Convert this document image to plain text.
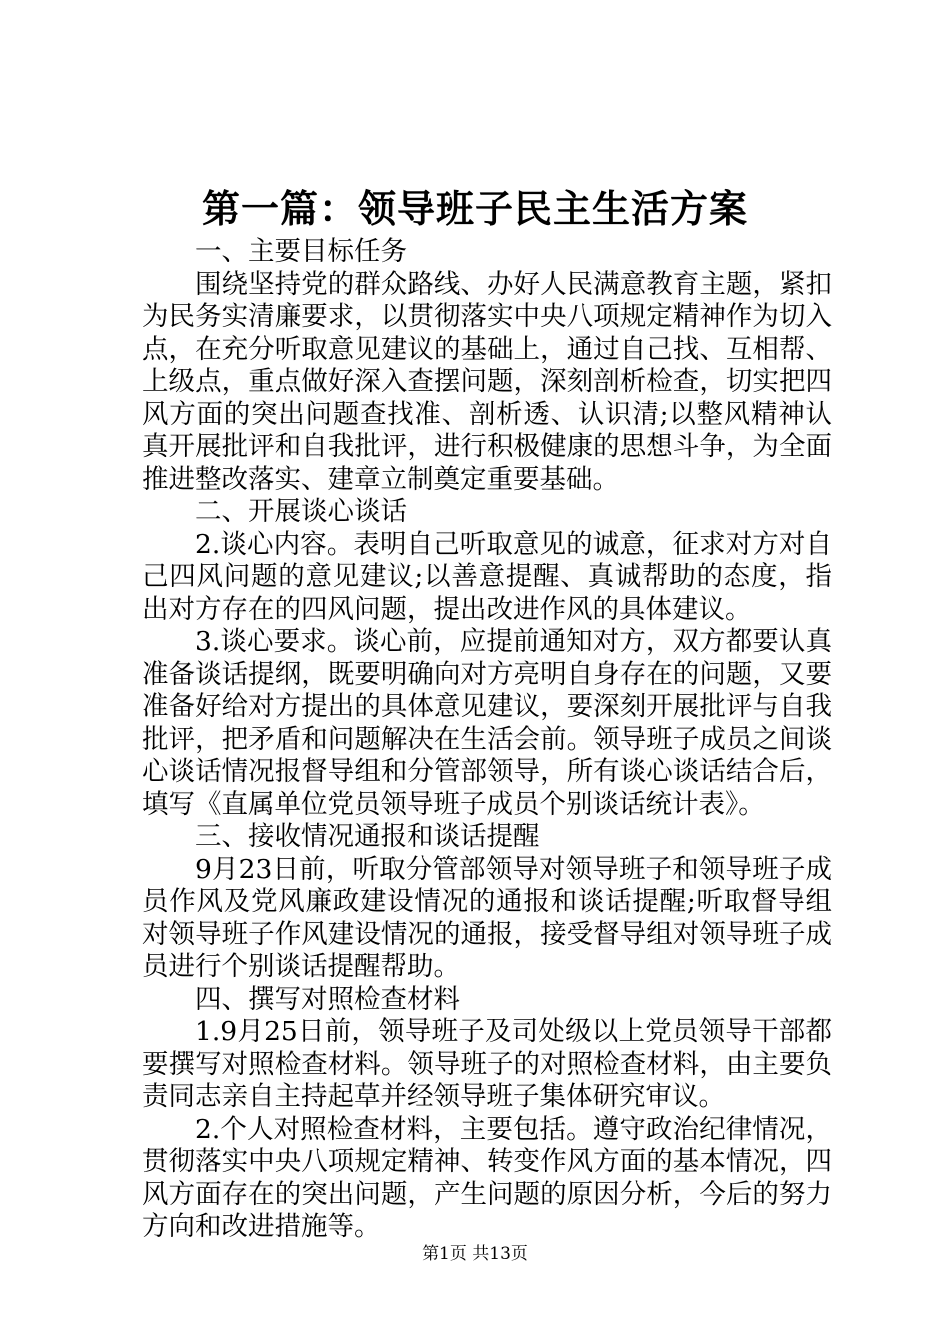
第一篇：领导班子民主生活方案

一、主要目标任务

围绕坚持党的群众路线、办好人民满意教育主题，紧扣为民务实清廉要求，以贯彻落实中央八项规定精神作为切入点，在充分听取意见建议的基础上，通过自己找、互相帮、上级点，重点做好深入查摆问题，深刻剖析检查，切实把四风方面的突出问题查找准、剖析透、认识清;以整风精神认真开展批评和自我批评，进行积极健康的思想斗争，为全面推进整改落实、建章立制奠定重要基础。

二、开展谈心谈话

2.谈心内容。表明自己听取意见的诚意，征求对方对自己四风问题的意见建议;以善意提醒、真诚帮助的态度，指出对方存在的四风问题，提出改进作风的具体建议。

3.谈心要求。谈心前，应提前通知对方，双方都要认真准备谈话提纲，既要明确向对方亮明自身存在的问题，又要准备好给对方提出的具体意见建议，要深刻开展批评与自我批评，把矛盾和问题解决在生活会前。领导班子成员之间谈心谈话情况报督导组和分管部领导，所有谈心谈话结合后，填写《直属单位党员领导班子成员个别谈话统计表》。

三、接收情况通报和谈话提醒

9月23日前，听取分管部领导对领导班子和领导班子成员作风及党风廉政建设情况的通报和谈话提醒;听取督导组对领导班子作风建设情况的通报，接受督导组对领导班子成员进行个别谈话提醒帮助。

四、撰写对照检查材料

1.9月25日前，领导班子及司处级以上党员领导干部都要撰写对照检查材料。领导班子的对照检查材料，由主要负责同志亲自主持起草并经领导班子集体研究审议。

2.个人对照检查材料，主要包括。遵守政治纪律情况，贯彻落实中央八项规定精神、转变作风方面的基本情况，四风方面存在的突出问题，产生问题的原因分析，今后的努力方向和改进措施等。

第1页 共13页
